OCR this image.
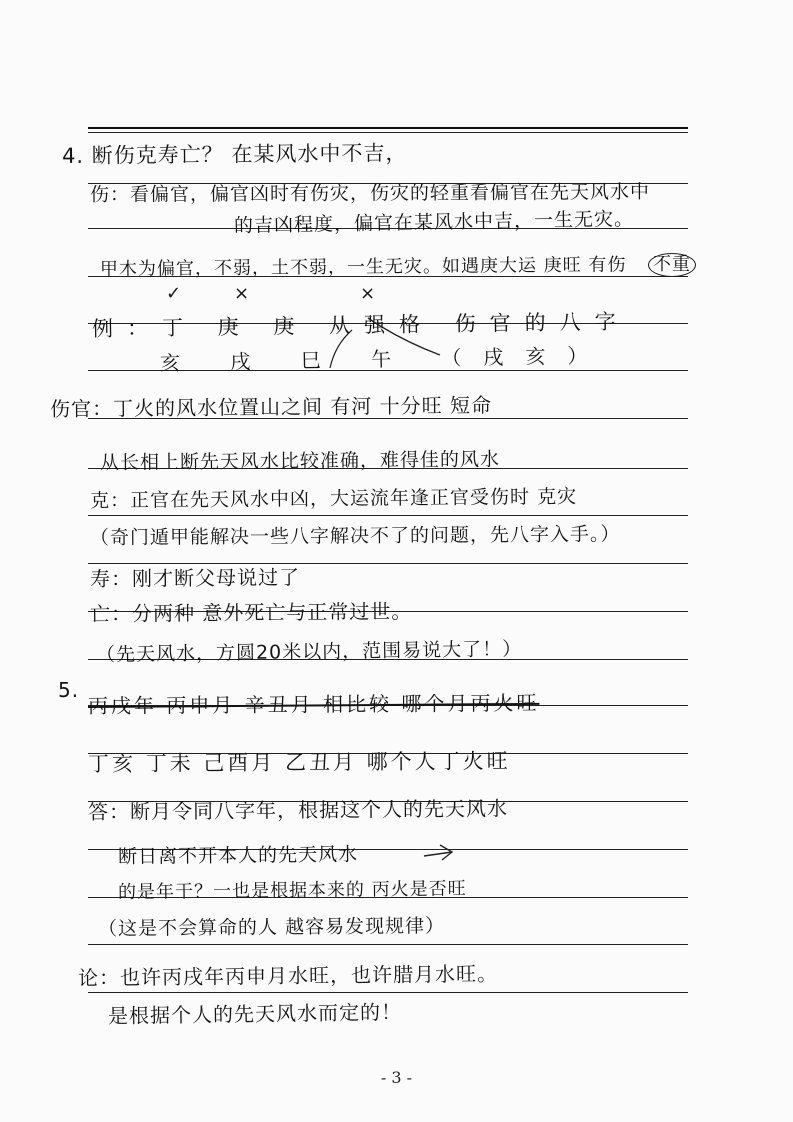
4. 断伤克寿亡？ 在某风水中不吉，
伤：看偏官，偏官凶时有伤灾，伤灾的轻重看偏官在先天风水中
的吉凶程度，偏官在某风水中吉，一生无灾。
甲木为偏官，不弱，土不弱，一生无灾。如遇庚大运 庚旺 有伤 不重
例：丁 庚 庚 从强格 伤官的八字
亥 戌 巳 午 （戌亥）
×	×
✓
伤官：丁火的风水位置山之间 有河 十分旺 短命
从长相上断先天风水比较准确，难得佳的风水
克：正官在先天风水中凶，大运流年逢正官受伤时 克灾
（奇门遁甲能解决一些八字解决不了的问题，先八字入手。）
寿：刚才断父母说过了
亡：分两种 意外死亡与正常过世。
（先天风水，方圆20米以内，范围易说大了！）
5.
丙戌年 丙申月 辛丑月 相比较 哪个月丙火旺
丁亥 丁未 己酉月 乙丑月 哪个人丁火旺
答：断月令同八字年，根据这个人的先天风水
断日离不开本人的先天风水
的是年干？一也是根据本来的 丙火是否旺
（这是不会算命的人 越容易发现规律）
论：也许丙戌年丙申月水旺，也许腊月水旺。
是根据个人的先天风水而定的！
- 3 -
